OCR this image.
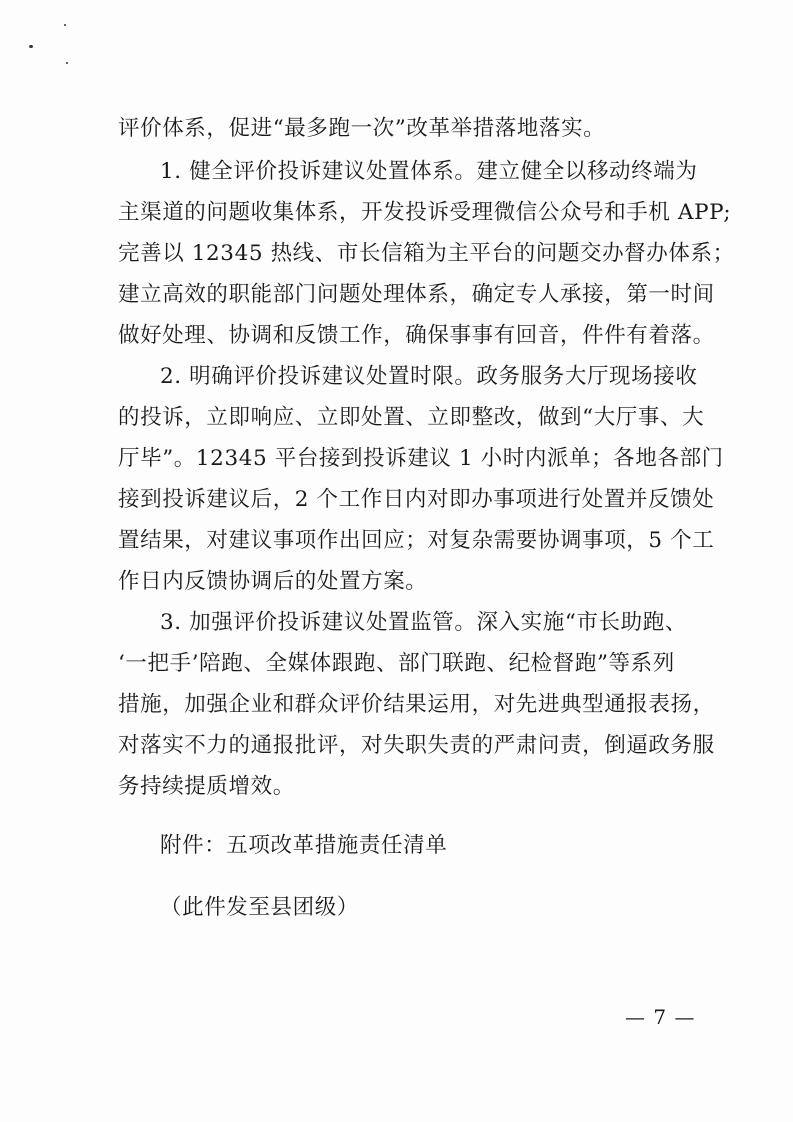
评价体系，促进“最多跑一次”改革举措落地落实。
1. 健全评价投诉建议处置体系。建立健全以移动终端为
主渠道的问题收集体系，开发投诉受理微信公众号和手机 APP;
完善以 12345 热线、市长信箱为主平台的问题交办督办体系；
建立高效的职能部门问题处理体系，确定专人承接，第一时间
做好处理、协调和反馈工作，确保事事有回音，件件有着落。
2. 明确评价投诉建议处置时限。政务服务大厅现场接收
的投诉，立即响应、立即处置、立即整改，做到“大厅事、大
厅毕”。12345 平台接到投诉建议 1 小时内派单；各地各部门
接到投诉建议后，2 个工作日内对即办事项进行处置并反馈处
置结果，对建议事项作出回应；对复杂需要协调事项，5 个工
作日内反馈协调后的处置方案。
3. 加强评价投诉建议处置监管。深入实施“市长助跑、
‘一把手’陪跑、全媒体跟跑、部门联跑、纪检督跑”等系列
措施，加强企业和群众评价结果运用，对先进典型通报表扬，
对落实不力的通报批评，对失职失责的严肃问责，倒逼政务服
务持续提质增效。
附件：五项改革措施责任清单
（此件发至县团级）
— 7 —
